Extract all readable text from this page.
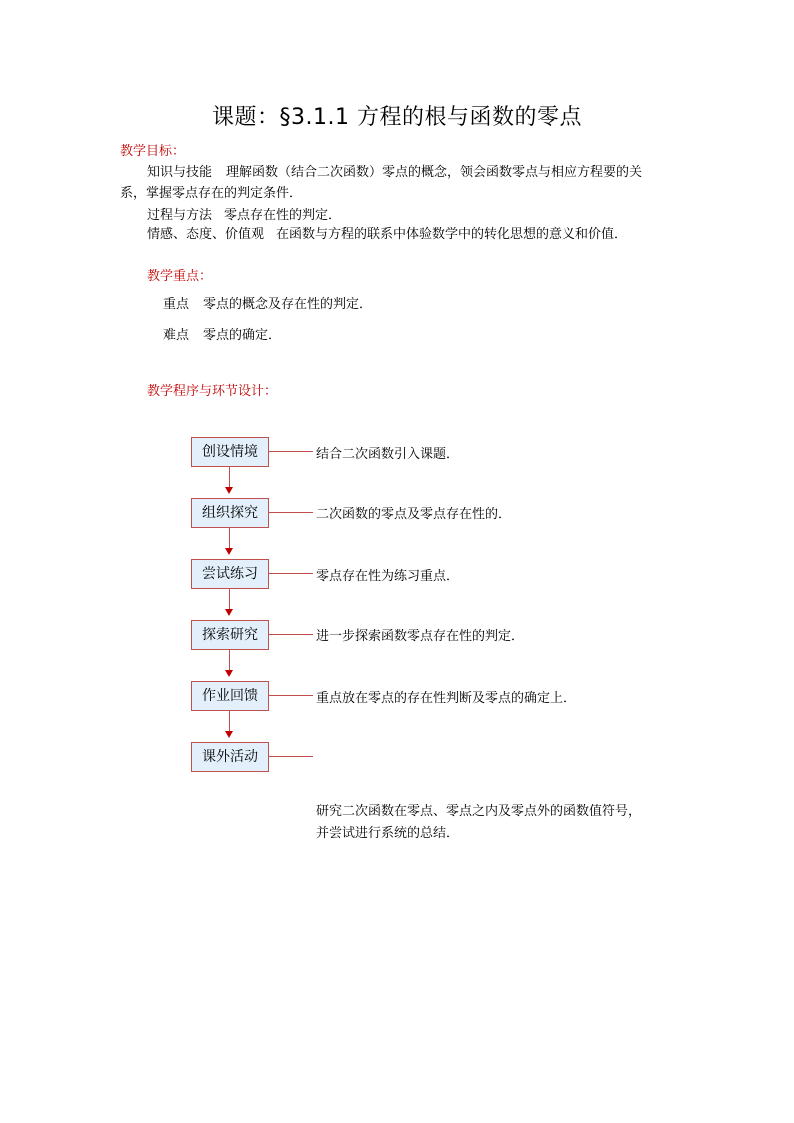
课题：§3.1.1 方程的根与函数的零点
教学目标：
知识与技能 理解函数（结合二次函数）零点的概念，领会函数零点与相应方程要的关
系，掌握零点存在的判定条件．
过程与方法 零点存在性的判定．
情感、态度、价值观 在函数与方程的联系中体验数学中的转化思想的意义和价值．
教学重点：
重点 零点的概念及存在性的判定．
难点 零点的确定．
教学程序与环节设计：
创设情境	结合二次函数引入课题．
组织探究	二次函数的零点及零点存在性的．
尝试练习	零点存在性为练习重点．
探索研究	进一步探索函数零点存在性的判定．
作业回馈	重点放在零点的存在性判断及零点的确定上．
课外活动
研究二次函数在零点、零点之内及零点外的函数值符号，
并尝试进行系统的总结．
